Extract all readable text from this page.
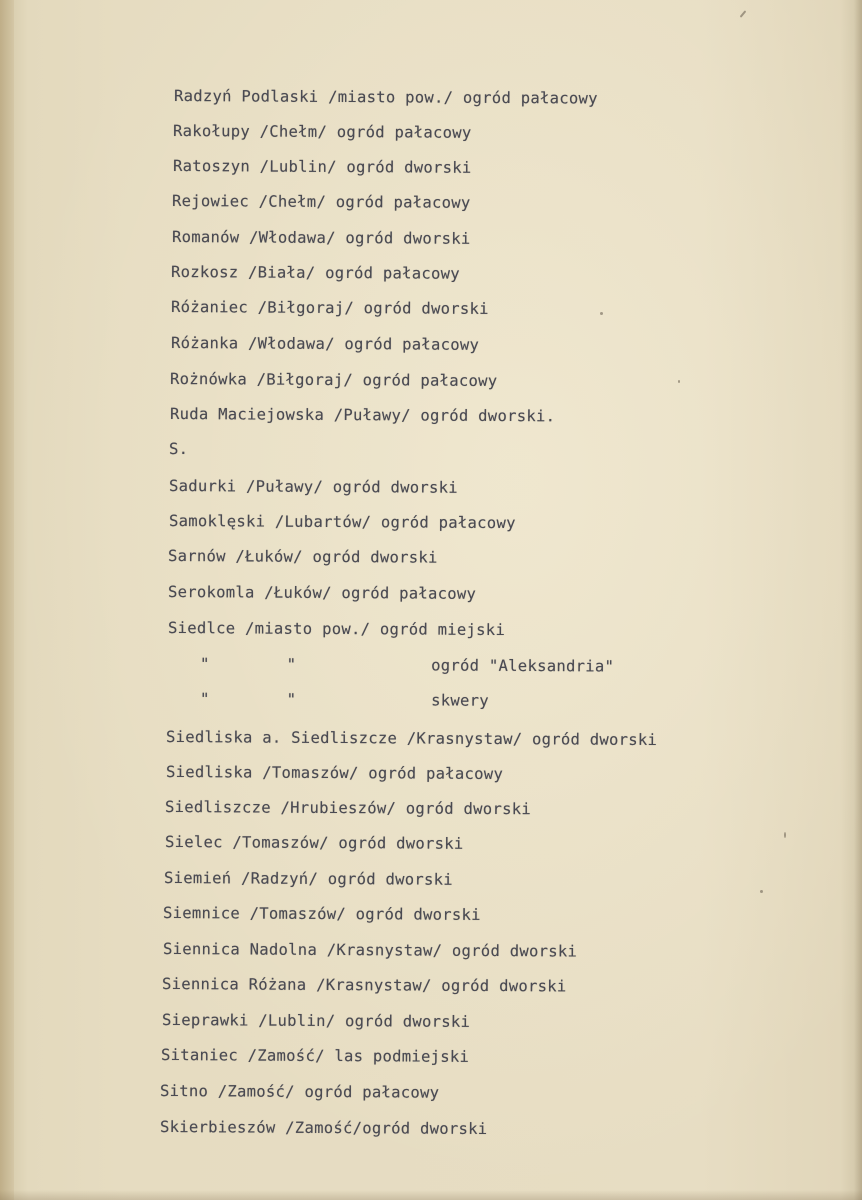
Radzyń Podlaski /miasto pow./ ogród pałacowy
Rakołupy /Chełm/ ogród pałacowy
Ratoszyn /Lublin/ ogród dworski
Rejowiec /Chełm/ ogród pałacowy
Romanów /Włodawa/ ogród dworski
Rozkosz /Biała/ ogród pałacowy
Różaniec /Biłgoraj/ ogród dworski
Różanka /Włodawa/ ogród pałacowy
Rożnówka /Biłgoraj/ ogród pałacowy
Ruda Maciejowska /Puławy/ ogród dworski.
S.
Sadurki /Puławy/ ogród dworski
Samoklęski /Lubartów/ ogród pałacowy
Sarnów /Łuków/ ogród dworski
Serokomla /Łuków/ ogród pałacowy
Siedlce /miasto pow./ ogród miejski
"        "              ogród "Aleksandria"
"        "              skwery
Siedliska a. Siedliszcze /Krasnystaw/ ogród dworski
Siedliska /Tomaszów/ ogród pałacowy
Siedliszcze /Hrubieszów/ ogród dworski
Sielec /Tomaszów/ ogród dworski
Siemień /Radzyń/ ogród dworski
Siemnice /Tomaszów/ ogród dworski
Siennica Nadolna /Krasnystaw/ ogród dworski
Siennica Różana /Krasnystaw/ ogród dworski
Sieprawki /Lublin/ ogród dworski
Sitaniec /Zamość/ las podmiejski
Sitno /Zamość/ ogród pałacowy
Skierbieszów /Zamość/ogród dworski
